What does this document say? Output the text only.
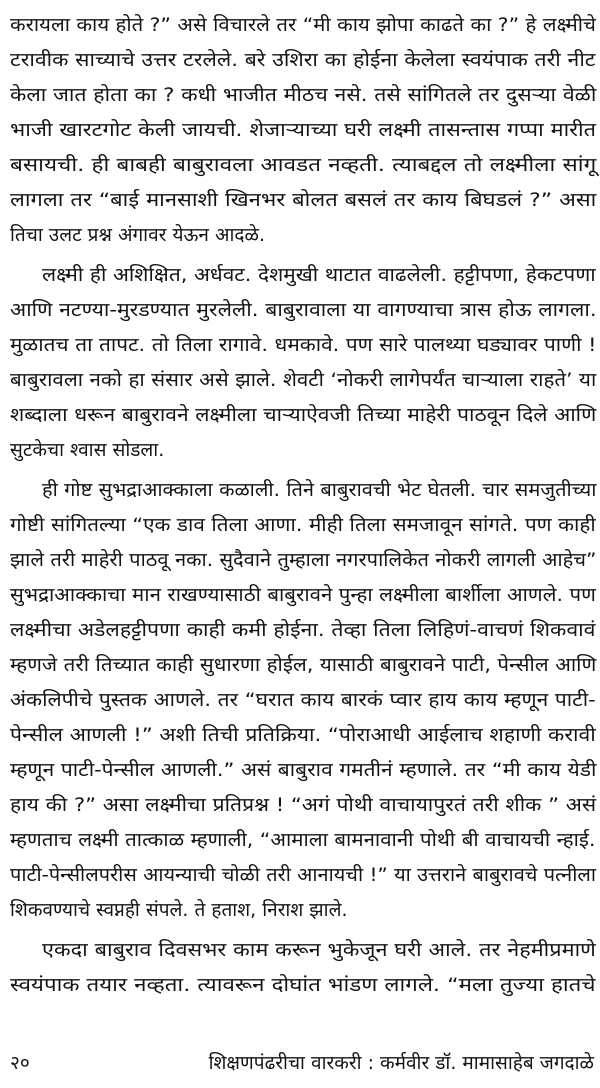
करायला काय होते ?” असे विचारले तर “मी काय झोपा काढते का ?” हे लक्ष्मीचे
टरावीक साच्याचे उत्तर टरलेले. बरे उशिरा का होईना केलेला स्वयंपाक तरी नीट
केला जात होता का ? कधी भाजीत मीठच नसे. तसे सांगितले तर दुसऱ्या वेळी
भाजी खारटगोट केली जायची. शेजाऱ्याच्या घरी लक्ष्मी तासन्तास गप्पा मारीत
बसायची. ही बाबही बाबुरावला आवडत नव्हती. त्याबद्दल तो लक्ष्मीला सांगू
लागला तर “बाई मानसाशी खिनभर बोलत बसलं तर काय बिघडलं ?” असा
तिचा उलट प्रश्न अंगावर येऊन आदळे.
लक्ष्मी ही अशिक्षित, अर्धवट. देशमुखी थाटात वाढलेली. हट्टीपणा, हेकटपणा
आणि नटण्या-मुरडण्यात मुरलेली. बाबुरावाला या वागण्याचा त्रास होऊ लागला.
मुळातच ता तापट. तो तिला रागावे. धमकावे. पण सारे पालथ्या घड्यावर पाणी !
बाबुरावला नको हा संसार असे झाले. शेवटी ‘नोकरी लागेपर्यंत चाऱ्याला राहते’ या
शब्दाला धरून बाबुरावने लक्ष्मीला चाऱ्याऐवजी तिच्या माहेरी पाठवून दिले आणि
सुटकेचा श्वास सोडला.
ही गोष्ट सुभद्राआक्काला कळाली. तिने बाबुरावची भेट घेतली. चार समजुतीच्या
गोष्टी सांगितल्या “एक डाव तिला आणा. मीही तिला समजावून सांगते. पण काही
झाले तरी माहेरी पाठवू नका. सुदैवाने तुम्हाला नगरपालिकेत नोकरी लागली आहेच”
सुभद्राआक्काचा मान राखण्यासाठी बाबुरावने पुन्हा लक्ष्मीला बार्शीला आणले. पण
लक्ष्मीचा अडेलहट्टीपणा काही कमी होईना. तेव्हा तिला लिहिणं-वाचणं शिकवावं
म्हणजे तरी तिच्यात काही सुधारणा होईल, यासाठी बाबुरावने पाटी, पेन्सील आणि
अंकलिपीचे पुस्तक आणले. तर “घरात काय बारकं प्वार हाय काय म्हणून पाटी-
पेन्सील आणली !” अशी तिची प्रतिक्रिया. “पोराआधी आईलाच शहाणी करावी
म्हणून पाटी-पेन्सील आणली.” असं बाबुराव गमतीनं म्हणाले. तर “मी काय येडी
हाय की ?” असा लक्ष्मीचा प्रतिप्रश्न ! “अगं पोथी वाचायापुरतं तरी शीक ” असं
म्हणताच लक्ष्मी तात्काळ म्हणाली, “आमाला बामनावानी पोथी बी वाचायची न्हाई.
पाटी-पेन्सीलपरीस आयन्याची चोळी तरी आनायची !” या उत्तराने बाबुरावचे पत्नीला
शिकवण्याचे स्वप्नही संपले. ते हताश, निराश झाले.
एकदा बाबुराव दिवसभर काम करून भुकेजून घरी आले. तर नेहमीप्रमाणे
स्वयंपाक तयार नव्हता. त्यावरून दोघांत भांडण लागले. “मला तुज्या हातचे
२०	शिक्षणपंढरीचा वारकरी : कर्मवीर डॉ. मामासाहेब जगदाळे
